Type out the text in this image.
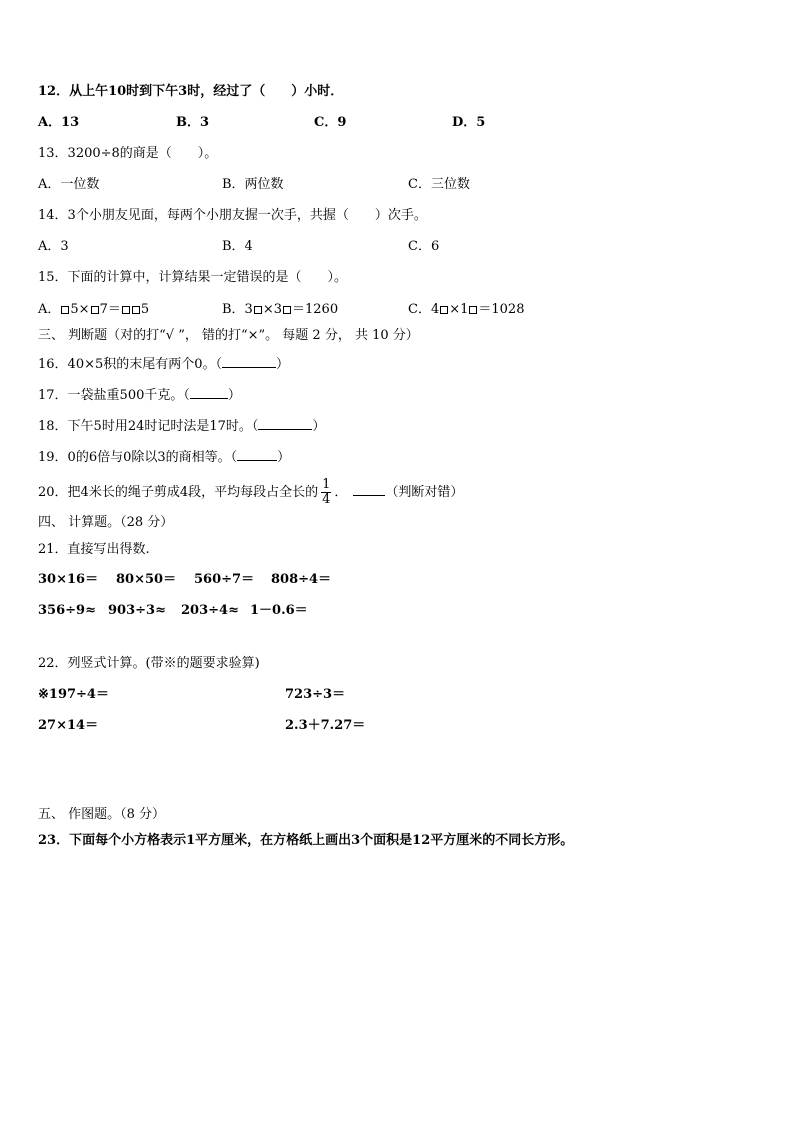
12．从上午10时到下午3时，经过了（　　）小时．
A．13	B．3	C．9	D．5
13．3200÷8的商是（　　）。
A．一位数	B．两位数	C．三位数
14．3个小朋友见面，每两个小朋友握一次手，共握（　　）次手。
A．3	B．4	C．6
15．下面的计算中，计算结果一定错误的是（　　）。
A． 5× 7＝ 5	B．3 ×3 ＝1260	C．4 ×1 ＝1028
三、 判断题（对的打“√ ”， 错的打“×”。 每题 2 分， 共 10 分）
16．40×5积的末尾有两个0。（	）
17．一袋盐重500千克。（	）
18．下午5时用24时记时法是17时。（	）
19．0的6倍与0除以3的商相等。（	）
20．把4米长的绳子剪成4段，平均每段占全长的 $\frac{1}{4}$ ．	（判断对错）
四、 计算题。（28 分）
21．直接写出得数.
30×16＝ 80×50＝ 560÷7＝ 808÷4＝
356÷9≈ 903÷3≈ 203÷4≈ 1－0.6＝
22．列竖式计算。(带※的题要求验算)
※197÷4＝	723÷3＝
27×14＝	2.3＋7.27＝
五、 作图题。（8 分）
23．下面每个小方格表示1平方厘米，在方格纸上画出3个面积是12平方厘米的不同长方形。
